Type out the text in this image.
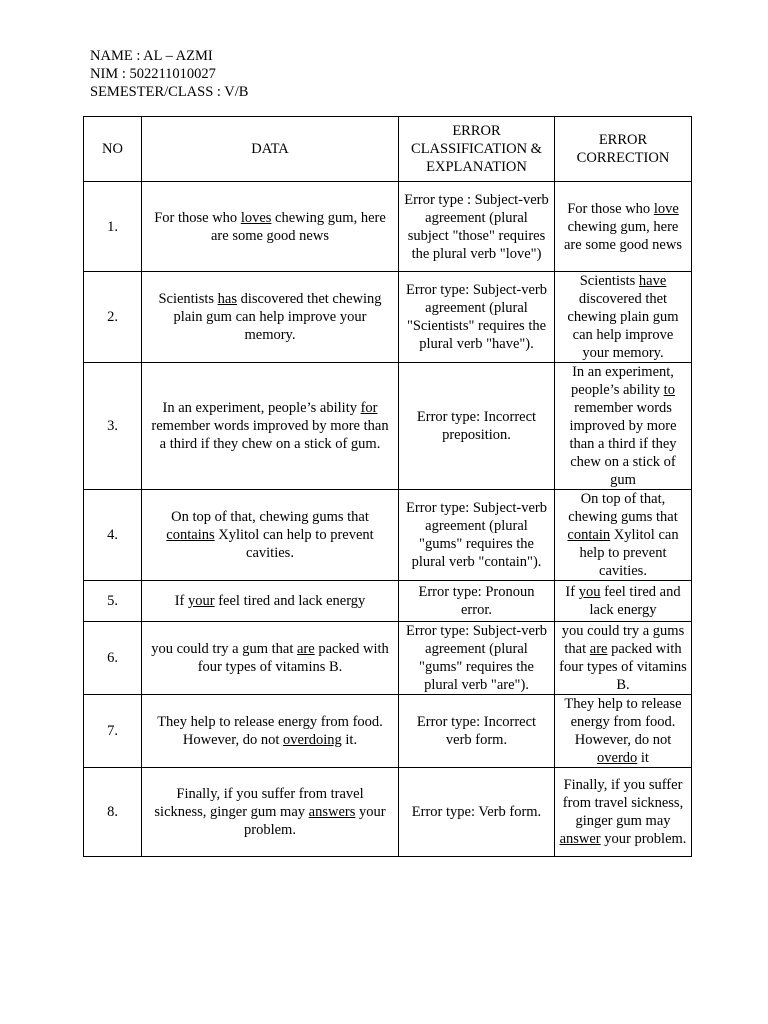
NAME : AL – AZMI
NIM : 502211010027
SEMESTER/CLASS : V/B
NO	DATA	ERROR CLASSIFICATION & EXPLANATION	ERROR CORRECTION
1.	For those who loves chewing gum, here are some good news	Error type : Subject-verb agreement (plural subject "those" requires the plural verb "love")	For those who love chewing gum, here are some good news
2.	Scientists has discovered thet chewing plain gum can help improve your memory.	Error type: Subject-verb agreement (plural "Scientists" requires the plural verb "have").	Scientists have discovered thet chewing plain gum can help improve your memory.
3.	In an experiment, people’s ability for remember words improved by more than a third if they chew on a stick of gum.	Error type: Incorrect preposition.	In an experiment, people’s ability to remember words improved by more than a third if they chew on a stick of gum
4.	On top of that, chewing gums that contains Xylitol can help to prevent cavities.	Error type: Subject-verb agreement (plural "gums" requires the plural verb "contain").	On top of that, chewing gums that contain Xylitol can help to prevent cavities.
5.	If your feel tired and lack energy	Error type: Pronoun error.	If you feel tired and lack energy
6.	you could try a gum that are packed with four types of vitamins B.	Error type: Subject-verb agreement (plural "gums" requires the plural verb "are").	you could try a gums that are packed with four types of vitamins B.
7.	They help to release energy from food. However, do not overdoing it.	Error type: Incorrect verb form.	They help to release energy from food. However, do not overdo it
8.	Finally, if you suffer from travel sickness, ginger gum may answers your problem.	Error type: Verb form.	Finally, if you suffer from travel sickness, ginger gum may answer your problem.
